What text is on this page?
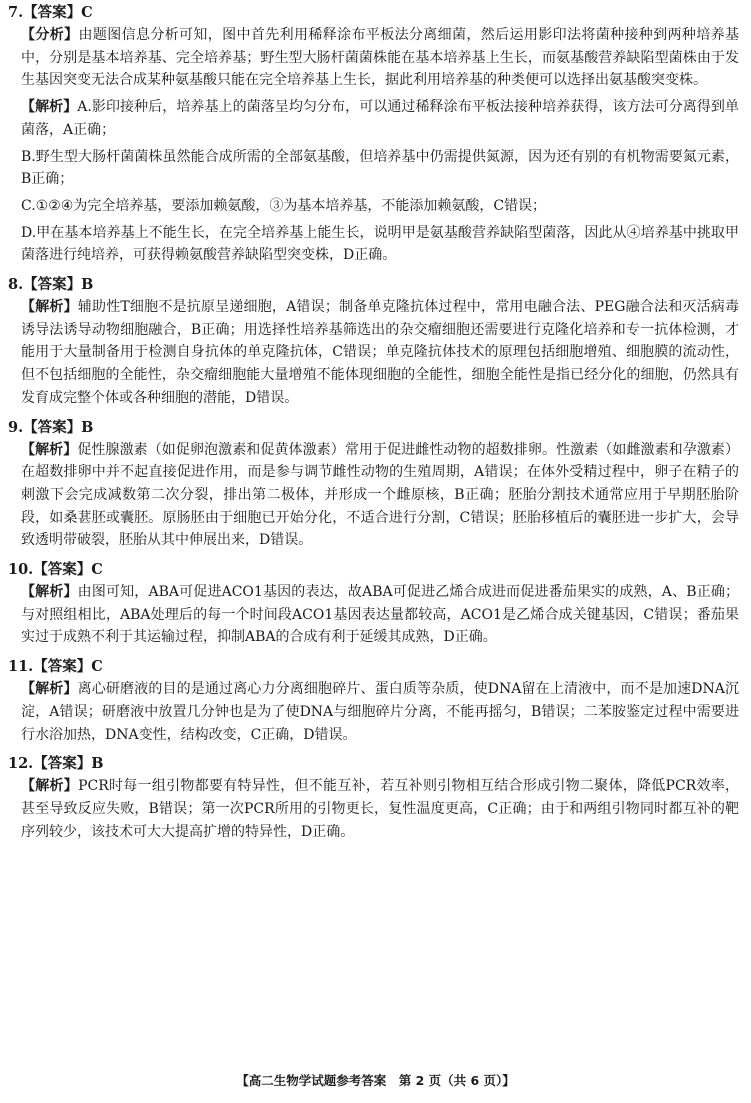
7.【答案】C

【分析】由题图信息分析可知，图中首先利用稀释涂布平板法分离细菌，然后运用影印法将菌种接种到两种培养基中，分别是基本培养基、完全培养基；野生型大肠杆菌菌株能在基本培养基上生长，而氨基酸营养缺陷型菌株由于发生基因突变无法合成某种氨基酸只能在完全培养基上生长，据此利用培养基的种类便可以选择出氨基酸突变株。
【解析】A.影印接种后，培养基上的菌落呈均匀分布，可以通过稀释涂布平板法接种培养获得，该方法可分离得到单菌落，A正确；
B.野生型大肠杆菌菌株虽然能合成所需的全部氨基酸，但培养基中仍需提供氮源，因为还有别的有机物需要氮元素，B正确；
C.①②④为完全培养基，要添加赖氨酸，③为基本培养基，不能添加赖氨酸，C错误；
D.甲在基本培养基上不能生长，在完全培养基上能生长，说明甲是氨基酸营养缺陷型菌落，因此从④培养基中挑取甲菌落进行纯培养，可获得赖氨酸营养缺陷型突变株，D正确。

8.【答案】B

【解析】辅助性T细胞不是抗原呈递细胞，A错误；制备单克隆抗体过程中，常用电融合法、PEG融合法和灭活病毒诱导法诱导动物细胞融合，B正确；用选择性培养基筛选出的杂交瘤细胞还需要进行克隆化培养和专一抗体检测，才能用于大量制备用于检测自身抗体的单克隆抗体，C错误；单克隆抗体技术的原理包括细胞增殖、细胞膜的流动性，但不包括细胞的全能性，杂交瘤细胞能大量增殖不能体现细胞的全能性，细胞全能性是指已经分化的细胞，仍然具有发育成完整个体或各种细胞的潜能，D错误。

9.【答案】B

【解析】促性腺激素（如促卵泡激素和促黄体激素）常用于促进雌性动物的超数排卵。性激素（如雌激素和孕激素）在超数排卵中并不起直接促进作用，而是参与调节雌性动物的生殖周期，A错误；在体外受精过程中，卵子在精子的刺激下会完成减数第二次分裂，排出第二极体，并形成一个雌原核，B正确；胚胎分割技术通常应用于早期胚胎阶段，如桑葚胚或囊胚。原肠胚由于细胞已开始分化，不适合进行分割，C错误；胚胎移植后的囊胚进一步扩大，会导致透明带破裂，胚胎从其中伸展出来，D错误。

10.【答案】C

【解析】由图可知，ABA可促进ACO1基因的表达，故ABA可促进乙烯合成进而促进番茄果实的成熟，A、B正确；与对照组相比，ABA处理后的每一个时间段ACO1基因表达量都较高，ACO1是乙烯合成关键基因，C错误；番茄果实过于成熟不利于其运输过程，抑制ABA的合成有利于延缓其成熟，D正确。

11.【答案】C

【解析】离心研磨液的目的是通过离心力分离细胞碎片、蛋白质等杂质，使DNA留在上清液中，而不是加速DNA沉淀，A错误；研磨液中放置几分钟也是为了使DNA与细胞碎片分离，不能再摇匀，B错误；二苯胺鉴定过程中需要进行水浴加热，DNA变性，结构改变，C正确，D错误。

12.【答案】B

【解析】PCR时每一组引物都要有特异性，但不能互补，若互补则引物相互结合形成引物二聚体，降低PCR效率，甚至导致反应失败，B错误；第一次PCR所用的引物更长，复性温度更高，C正确；由于和两组引物同时都互补的靶序列较少，该技术可大大提高扩增的特异性，D正确。
【高二生物学试题参考答案　第 2 页（共 6 页）】
